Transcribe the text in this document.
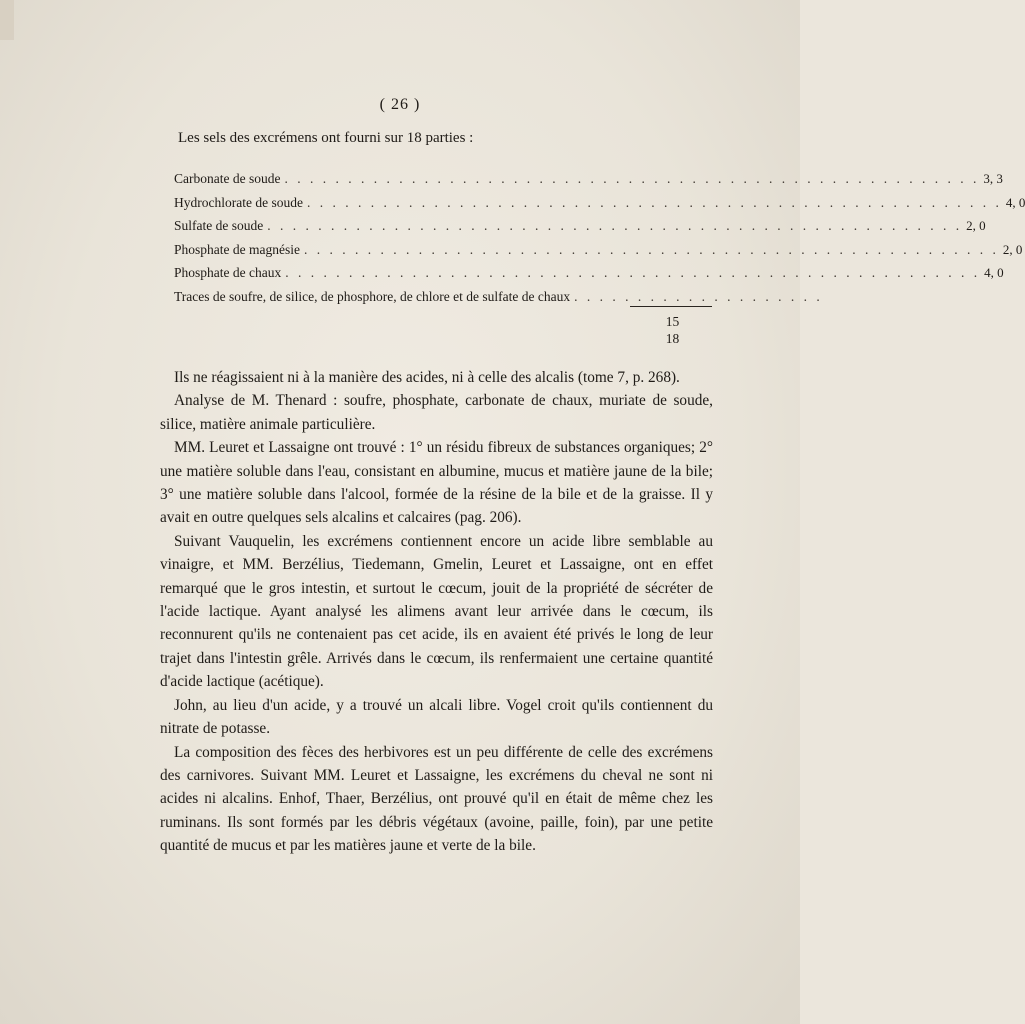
( 26 )
Les sels des excrémens ont fourni sur 18 parties :
Carbonate de soude . . . . . . . . . . . . . . . . . . . . . . . . . . . . . . . . . . . . . . . . . . . . . . . . . . . . . . . 3, 3
Hydrochlorate de soude . . . . . . . . . . . . . . . . . . . . . . . . . . . . . . . . . . . . . . . . . . . . . . . . . . . . . . . 4, 0
Sulfate de soude . . . . . . . . . . . . . . . . . . . . . . . . . . . . . . . . . . . . . . . . . . . . . . . . . . . . . . . 2, 0
Phosphate de magnésie . . . . . . . . . . . . . . . . . . . . . . . . . . . . . . . . . . . . . . . . . . . . . . . . . . . . . . . 2, 0
Phosphate de chaux . . . . . . . . . . . . . . . . . . . . . . . . . . . . . . . . . . . . . . . . . . . . . . . . . . . . . . . 4, 0
Traces de soufre, de silice, de phosphore, de chlore et de sulfate de chaux . . . . . . . . . . . . . . . . . . . .
15
18

Ils ne réagissaient ni à la manière des acides, ni à celle des alcalis (tome 7, p. 268).

Analyse de M. Thenard : soufre, phosphate, carbonate de chaux, muriate de soude, silice, matière animale particulière.

MM. Leuret et Lassaigne ont trouvé : 1° un résidu fibreux de substances organiques; 2° une matière soluble dans l'eau, consistant en albumine, mucus et matière jaune de la bile; 3° une matière soluble dans l'alcool, formée de la résine de la bile et de la graisse. Il y avait en outre quelques sels alcalins et calcaires (pag. 206).

Suivant Vauquelin, les excrémens contiennent encore un acide libre semblable au vinaigre, et MM. Berzélius, Tiedemann, Gmelin, Leuret et Lassaigne, ont en effet remarqué que le gros intestin, et surtout le cœcum, jouit de la propriété de sécréter de l'acide lactique. Ayant analysé les alimens avant leur arrivée dans le cœcum, ils reconnurent qu'ils ne contenaient pas cet acide, ils en avaient été privés le long de leur trajet dans l'intestin grêle. Arrivés dans le cœcum, ils renfermaient une certaine quantité d'acide lactique (acétique).

John, au lieu d'un acide, y a trouvé un alcali libre. Vogel croit qu'ils contiennent du nitrate de potasse.

La composition des fèces des herbivores est un peu différente de celle des excrémens des carnivores. Suivant MM. Leuret et Lassaigne, les excrémens du cheval ne sont ni acides ni alcalins. Enhof, Thaer, Berzélius, ont prouvé qu'il en était de même chez les ruminans. Ils sont formés par les débris végétaux (avoine, paille, foin), par une petite quantité de mucus et par les matières jaune et verte de la bile.
